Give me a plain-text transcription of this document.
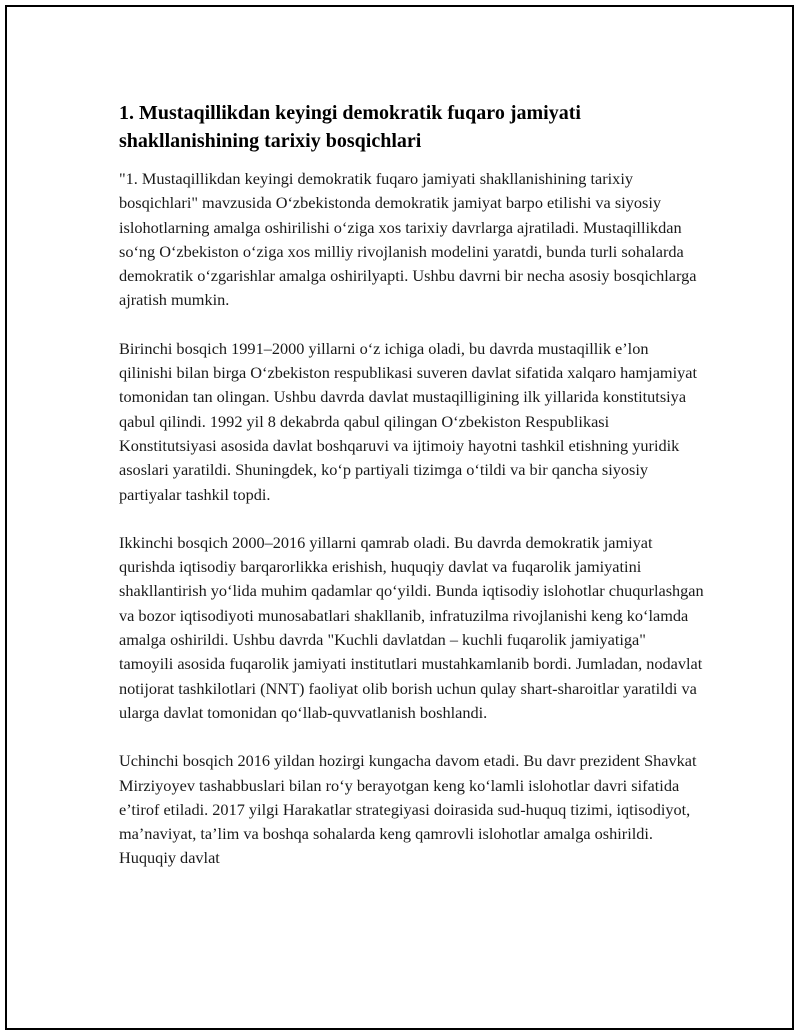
1. Mustaqillikdan keyingi demokratik fuqaro jamiyati shakllanishining tarixiy bosqichlari

"1. Mustaqillikdan keyingi demokratik fuqaro jamiyati shakllanishining tarixiy bosqichlari" mavzusida O‘zbekistonda demokratik jamiyat barpo etilishi va siyosiy islohotlarning amalga oshirilishi o‘ziga xos tarixiy davrlarga ajratiladi. Mustaqillikdan so‘ng O‘zbekiston o‘ziga xos milliy rivojlanish modelini yaratdi, bunda turli sohalarda demokratik o‘zgarishlar amalga oshirilyapti. Ushbu davrni bir necha asosiy bosqichlarga ajratish mumkin.

Birinchi bosqich 1991–2000 yillarni o‘z ichiga oladi, bu davrda mustaqillik e’lon qilinishi bilan birga O‘zbekiston respublikasi suveren davlat sifatida xalqaro hamjamiyat tomonidan tan olingan. Ushbu davrda davlat mustaqilligining ilk yillarida konstitutsiya qabul qilindi. 1992 yil 8 dekabrda qabul qilingan O‘zbekiston Respublikasi Konstitutsiyasi asosida davlat boshqaruvi va ijtimoiy hayotni tashkil etishning yuridik asoslari yaratildi. Shuningdek, ko‘p partiyali tizimga o‘tildi va bir qancha siyosiy partiyalar tashkil topdi.

Ikkinchi bosqich 2000–2016 yillarni qamrab oladi. Bu davrda demokratik jamiyat qurishda iqtisodiy barqarorlikka erishish, huquqiy davlat va fuqarolik jamiyatini shakllantirish yo‘lida muhim qadamlar qo‘yildi. Bunda iqtisodiy islohotlar chuqurlashgan va bozor iqtisodiyoti munosabatlari shakllanib, infratuzilma rivojlanishi keng ko‘lamda amalga oshirildi. Ushbu davrda "Kuchli davlatdan – kuchli fuqarolik jamiyatiga" tamoyili asosida fuqarolik jamiyati institutlari mustahkamlanib bordi. Jumladan, nodavlat notijorat tashkilotlari (NNT) faoliyat olib borish uchun qulay shart-sharoitlar yaratildi va ularga davlat tomonidan qo‘llab-quvvatlanish boshlandi.

Uchinchi bosqich 2016 yildan hozirgi kungacha davom etadi. Bu davr prezident Shavkat Mirziyoyev tashabbuslari bilan ro‘y berayotgan keng ko‘lamli islohotlar davri sifatida e’tirof etiladi. 2017 yilgi Harakatlar strategiyasi doirasida sud-huquq tizimi, iqtisodiyot, ma’naviyat, ta’lim va boshqa sohalarda keng qamrovli islohotlar amalga oshirildi. Huquqiy davlat
